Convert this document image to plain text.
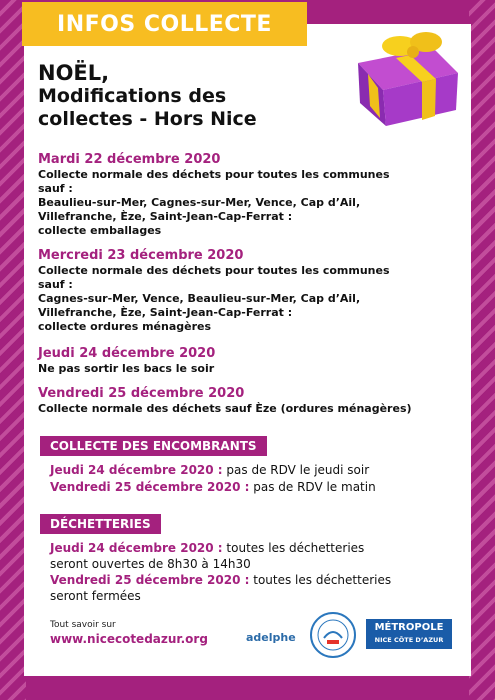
INFOS COLLECTE
NOËL,
Modifications des
collectes - Hors Nice
Mardi 22 décembre 2020
Collecte normale des déchets pour toutes les communes
sauf :
Beaulieu-sur-Mer, Cagnes-sur-Mer, Vence, Cap d’Ail,
Villefranche, Èze, Saint-Jean-Cap-Ferrat :
collecte emballages
Mercredi 23 décembre 2020
Collecte normale des déchets pour toutes les communes
sauf :
Cagnes-sur-Mer, Vence, Beaulieu-sur-Mer, Cap d’Ail,
Villefranche, Èze, Saint-Jean-Cap-Ferrat :
collecte ordures ménagères
Jeudi 24 décembre 2020
Ne pas sortir les bacs le soir
Vendredi 25 décembre 2020
Collecte normale des déchets sauf Èze (ordures ménagères)
COLLECTE DES ENCOMBRANTS
Jeudi 24 décembre 2020 : pas de RDV le jeudi soir
Vendredi 25 décembre 2020 : pas de RDV le matin
DÉCHETTERIES
Jeudi 24 décembre 2020 : toutes les déchetteries
seront ouvertes de 8h30 à 14h30
Vendredi 25 décembre 2020 : toutes les déchetteries
seront fermées
Tout savoir sur
www.nicecotedazur.org	adelphe
MÉTROPOLE
NICE CÔTE D’AZUR
